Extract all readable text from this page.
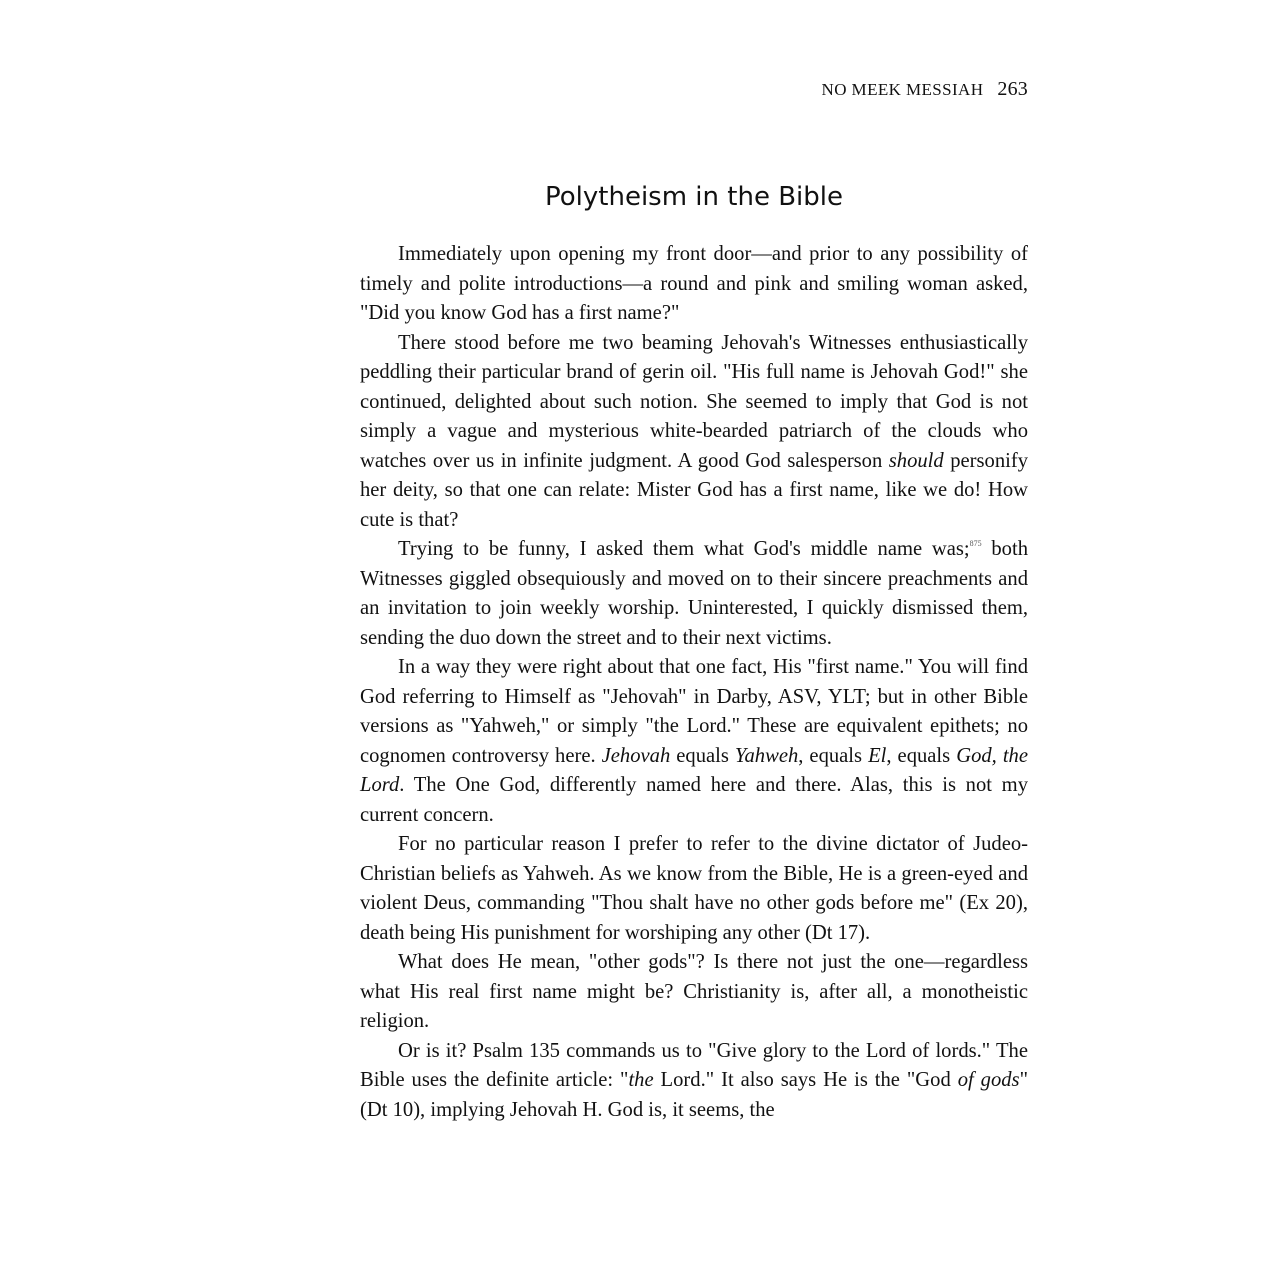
NO MEEK MESSIAH 263
Polytheism in the Bible

Immediately upon opening my front door—and prior to any possibility of timely and polite introductions—a round and pink and smiling woman asked, "Did you know God has a first name?"

There stood before me two beaming Jehovah's Witnesses enthusiastically peddling their particular brand of gerin oil. "His full name is Jehovah God!" she continued, delighted about such notion. She seemed to imply that God is not simply a vague and mysterious white-bearded patriarch of the clouds who watches over us in infinite judgment. A good God salesperson should personify her deity, so that one can relate: Mister God has a first name, like we do! How cute is that?

Trying to be funny, I asked them what God's middle name was;$^{875}$ both Witnesses giggled obsequiously and moved on to their sincere preachments and an invitation to join weekly worship. Uninterested, I quickly dismissed them, sending the duo down the street and to their next victims.

In a way they were right about that one fact, His "first name." You will find God referring to Himself as "Jehovah" in Darby, ASV, YLT; but in other Bible versions as "Yahweh," or simply "the Lord." These are equivalent epithets; no cognomen controversy here. Jehovah equals Yahweh, equals El, equals God, the Lord. The One God, differently named here and there. Alas, this is not my current concern.

For no particular reason I prefer to refer to the divine dictator of Judeo-Christian beliefs as Yahweh. As we know from the Bible, He is a green-eyed and violent Deus, commanding "Thou shalt have no other gods before me" (Ex 20), death being His punishment for worshiping any other (Dt 17).

What does He mean, "other gods"? Is there not just the one—regardless what His real first name might be? Christianity is, after all, a monotheistic religion.

Or is it? Psalm 135 commands us to "Give glory to the Lord of lords." The Bible uses the definite article: "the Lord." It also says He is the "God of gods" (Dt 10), implying Jehovah H. God is, it seems, the
